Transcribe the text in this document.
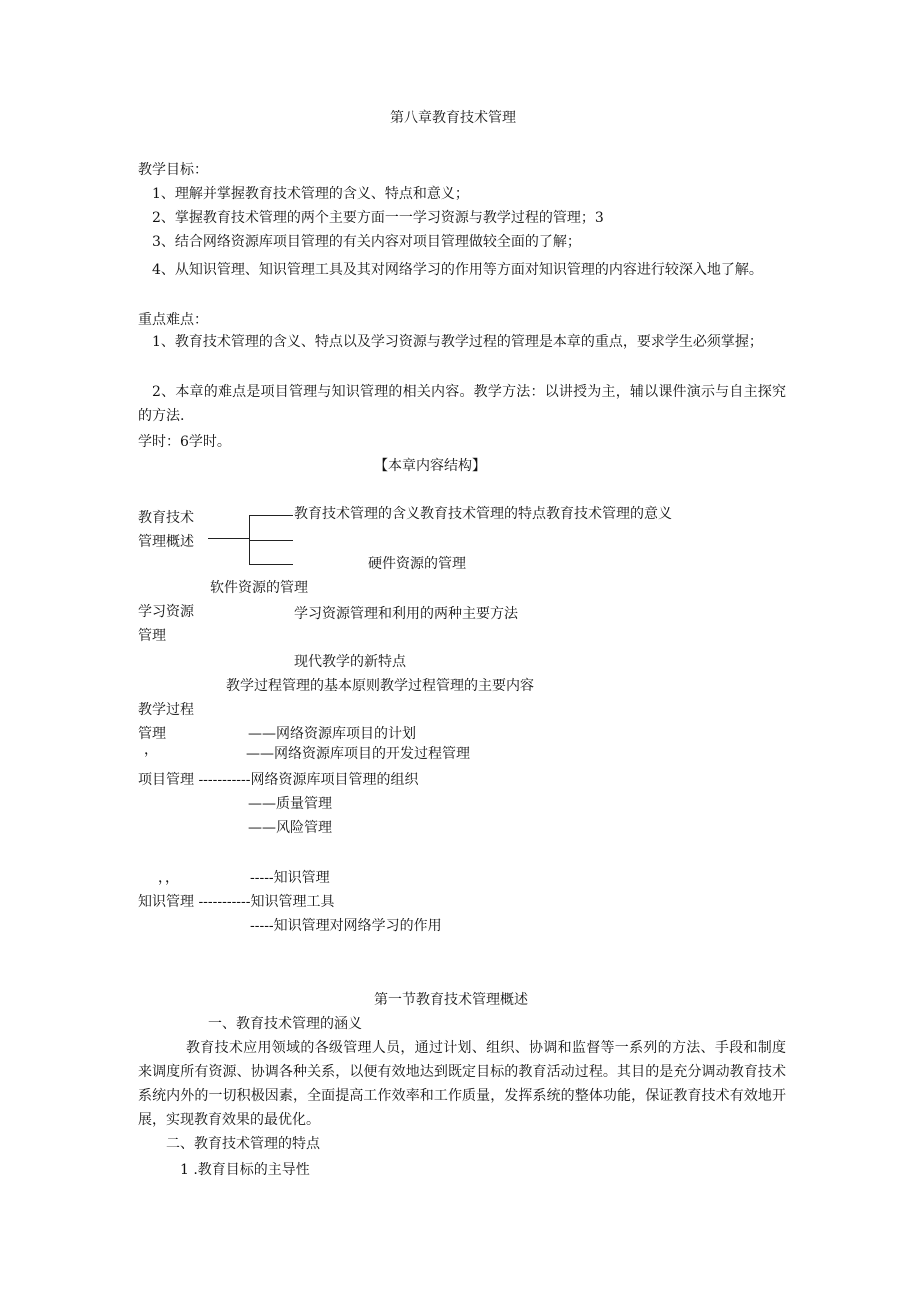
第八章教育技术管理
教学目标：
1、理解并掌握教育技术管理的含义、特点和意义；
2、掌握教育技术管理的两个主要方面一一学习资源与教学过程的管理；3
3、结合网络资源库项目管理的有关内容对项目管理做较全面的了解；
4、从知识管理、知识管理工具及其对网络学习的作用等方面对知识管理的内容进行较深入地了解。
重点难点：
1、教育技术管理的含义、特点以及学习资源与教学过程的管理是本章的重点，要求学生必须掌握；
2、本章的难点是项目管理与知识管理的相关内容。教学方法：以讲授为主，辅以课件演示与自主探究的方法.
学时：6学时。
【本章内容结构】
教育技术
管理概述
教育技术管理的含义教育技术管理的特点教育技术管理的意义
硬件资源的管理
软件资源的管理
学习资源	学习资源管理和利用的两种主要方法
管理
现代教学的新特点
教学过程管理的基本原则教学过程管理的主要内容
教学过程
管理	——网络资源库项目的计划
，	——网络资源库项目的开发过程管理
项目管理 -----------网络资源库项目管理的组织
——质量管理
——风险管理
，，	-----知识管理
知识管理 -----------知识管理工具
-----知识管理对网络学习的作用
第一节教育技术管理概述
一、教育技术管理的涵义
教育技术应用领域的各级管理人员，通过计划、组织、协调和监督等一系列的方法、手段和制度来调度所有资源、协调各种关系，以便有效地达到既定目标的教育活动过程。其目的是充分调动教育技术系统内外的一切积极因素，全面提高工作效率和工作质量，发挥系统的整体功能，保证教育技术有效地开展，实现教育效果的最优化。
二、教育技术管理的特点
1 .教育目标的主导性
